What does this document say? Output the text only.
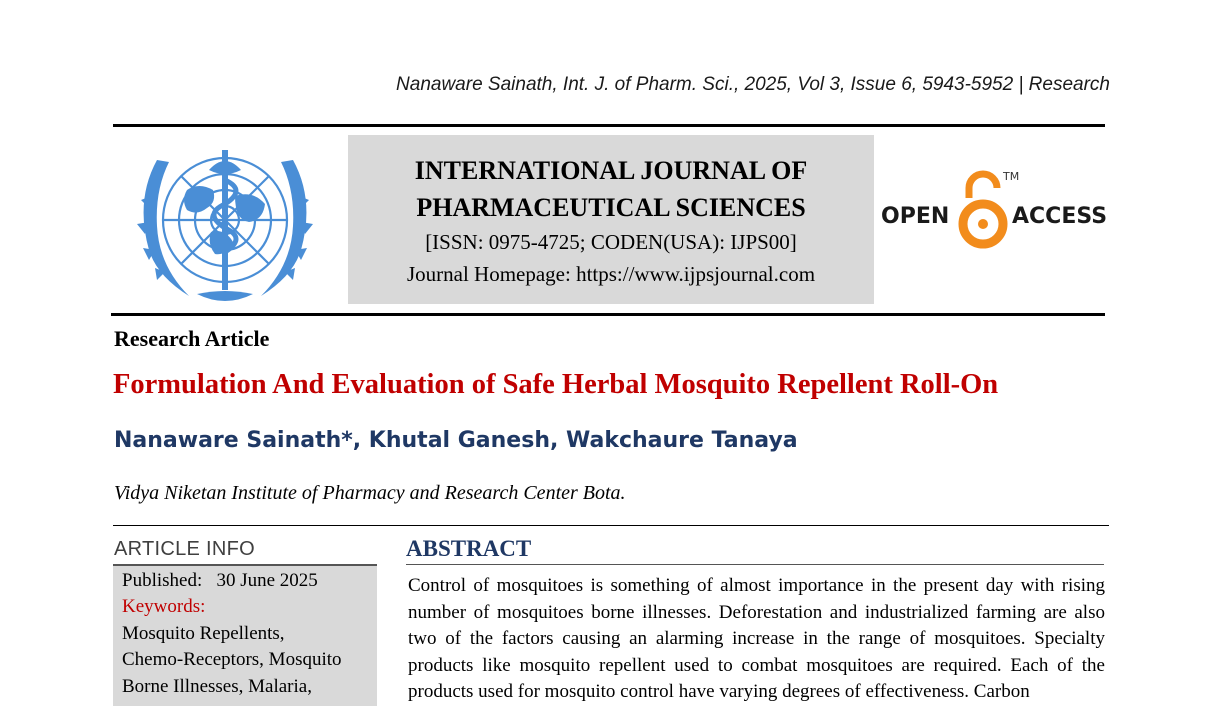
Nanaware Sainath, Int. J. of Pharm. Sci., 2025, Vol 3, Issue 6, 5943-5952 | Research
INTERNATIONAL JOURNAL OF
PHARMACEUTICAL SCIENCES
[ISSN: 0975-4725; CODEN(USA): IJPS00]
Journal Homepage: https://www.ijpsjournal.com
OPEN
TM
ACCESS
Research Article
Formulation And Evaluation of Safe Herbal Mosquito Repellent Roll-On
Nanaware Sainath*, Khutal Ganesh, Wakchaure Tanaya
Vidya Niketan Institute of Pharmacy and Research Center Bota.
ARTICLE INFO
Published: 30 June 2025
Keywords:
Mosquito Repellents,
Chemo-Receptors, Mosquito
Borne Illnesses, Malaria,
ABSTRACT
Control of mosquitoes is something of almost importance in the present day with rising number of mosquitoes borne illnesses. Deforestation and industrialized farming are also two of the factors causing an alarming increase in the range of mosquitoes. Specialty products like mosquito repellent used to combat mosquitoes are required. Each of the products used for mosquito control have varying degrees of effectiveness. Carbon
